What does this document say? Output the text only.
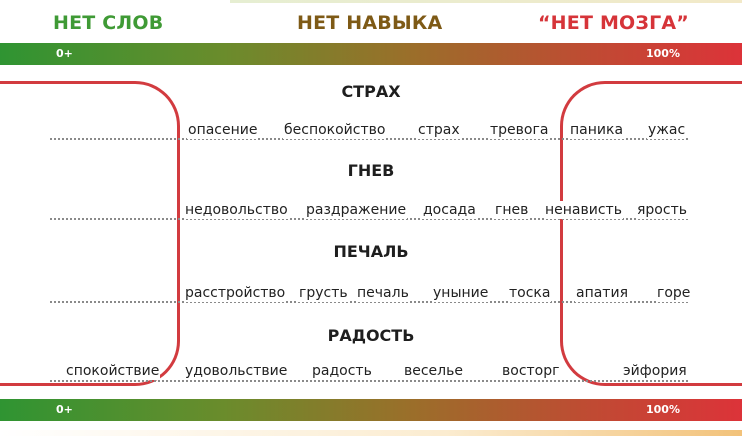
НЕТ СЛОВ	НЕТ НАВЫКА	“НЕТ МОЗГА”
0+	100%
СТРАХ
опасение беспокойство страх тревога паника ужас
ГНЕВ
недовольство раздражение досада гнев ненависть ярость
ПЕЧАЛЬ
расстройство грусть печаль уныние тоска апатия горе
РАДОСТЬ
спокойствие удовольствие радость веселье	восторг	эйфория
0+	100%
